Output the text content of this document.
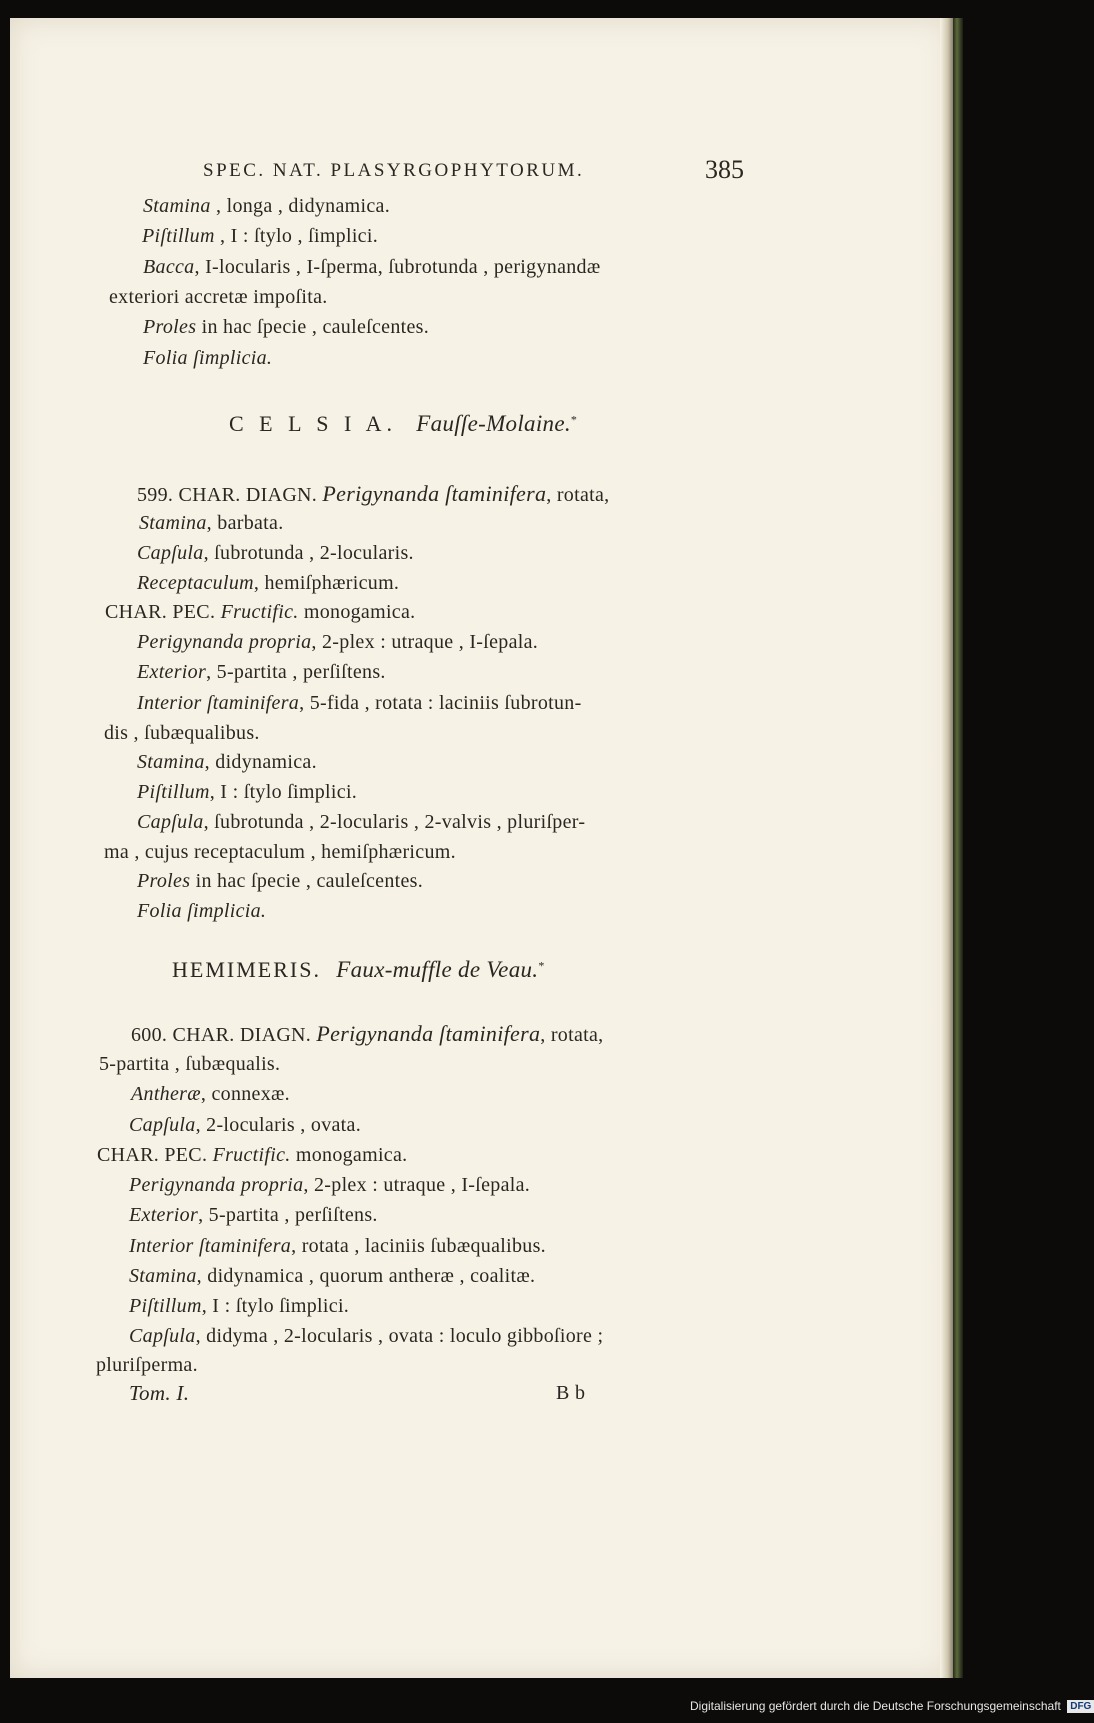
SPEC. NAT. PLASYRGOPHYTORUM.	385
Stamina , longa , didynamica.
Piſtillum , I : ſtylo , ſimplici.
Bacca, I-locularis , I-ſperma, ſubrotunda , perigynandæ
exteriori accretæ impoſita.
Proles in hac ſpecie , cauleſcentes.
Folia ſimplicia.
C E L S I A. Fauſſe-Molaine.*
599. CHAR. DIAGN. Perigynanda ſtaminifera, rotata,
Stamina, barbata.
Capſula, ſubrotunda , 2-locularis.
Receptaculum, hemiſphæricum.
CHAR. PEC. Fructific. monogamica.
Perigynanda propria, 2-plex : utraque , I-ſepala.
Exterior, 5-partita , perſiſtens.
Interior ſtaminifera, 5-fida , rotata : laciniis ſubrotun-
dis , ſubæqualibus.
Stamina, didynamica.
Piſtillum, I : ſtylo ſimplici.
Capſula, ſubrotunda , 2-locularis , 2-valvis , pluriſper-
ma , cujus receptaculum , hemiſphæricum.
Proles in hac ſpecie , cauleſcentes.
Folia ſimplicia.
HEMIMERIS. Faux-muffle de Veau.*
600. CHAR. DIAGN. Perigynanda ſtaminifera, rotata,
5-partita , ſubæqualis.
Antheræ, connexæ.
Capſula, 2-locularis , ovata.
CHAR. PEC. Fructific. monogamica.
Perigynanda propria, 2-plex : utraque , I-ſepala.
Exterior, 5-partita , perſiſtens.
Interior ſtaminifera, rotata , laciniis ſubæqualibus.
Stamina, didynamica , quorum antheræ , coalitæ.
Piſtillum, I : ſtylo ſimplici.
Capſula, didyma , 2-locularis , ovata : loculo gibboſiore ;
pluriſperma.
Tom. I.	B b
Digitalisierung gefördert durch die Deutsche Forschungsgemeinschaft DFG
